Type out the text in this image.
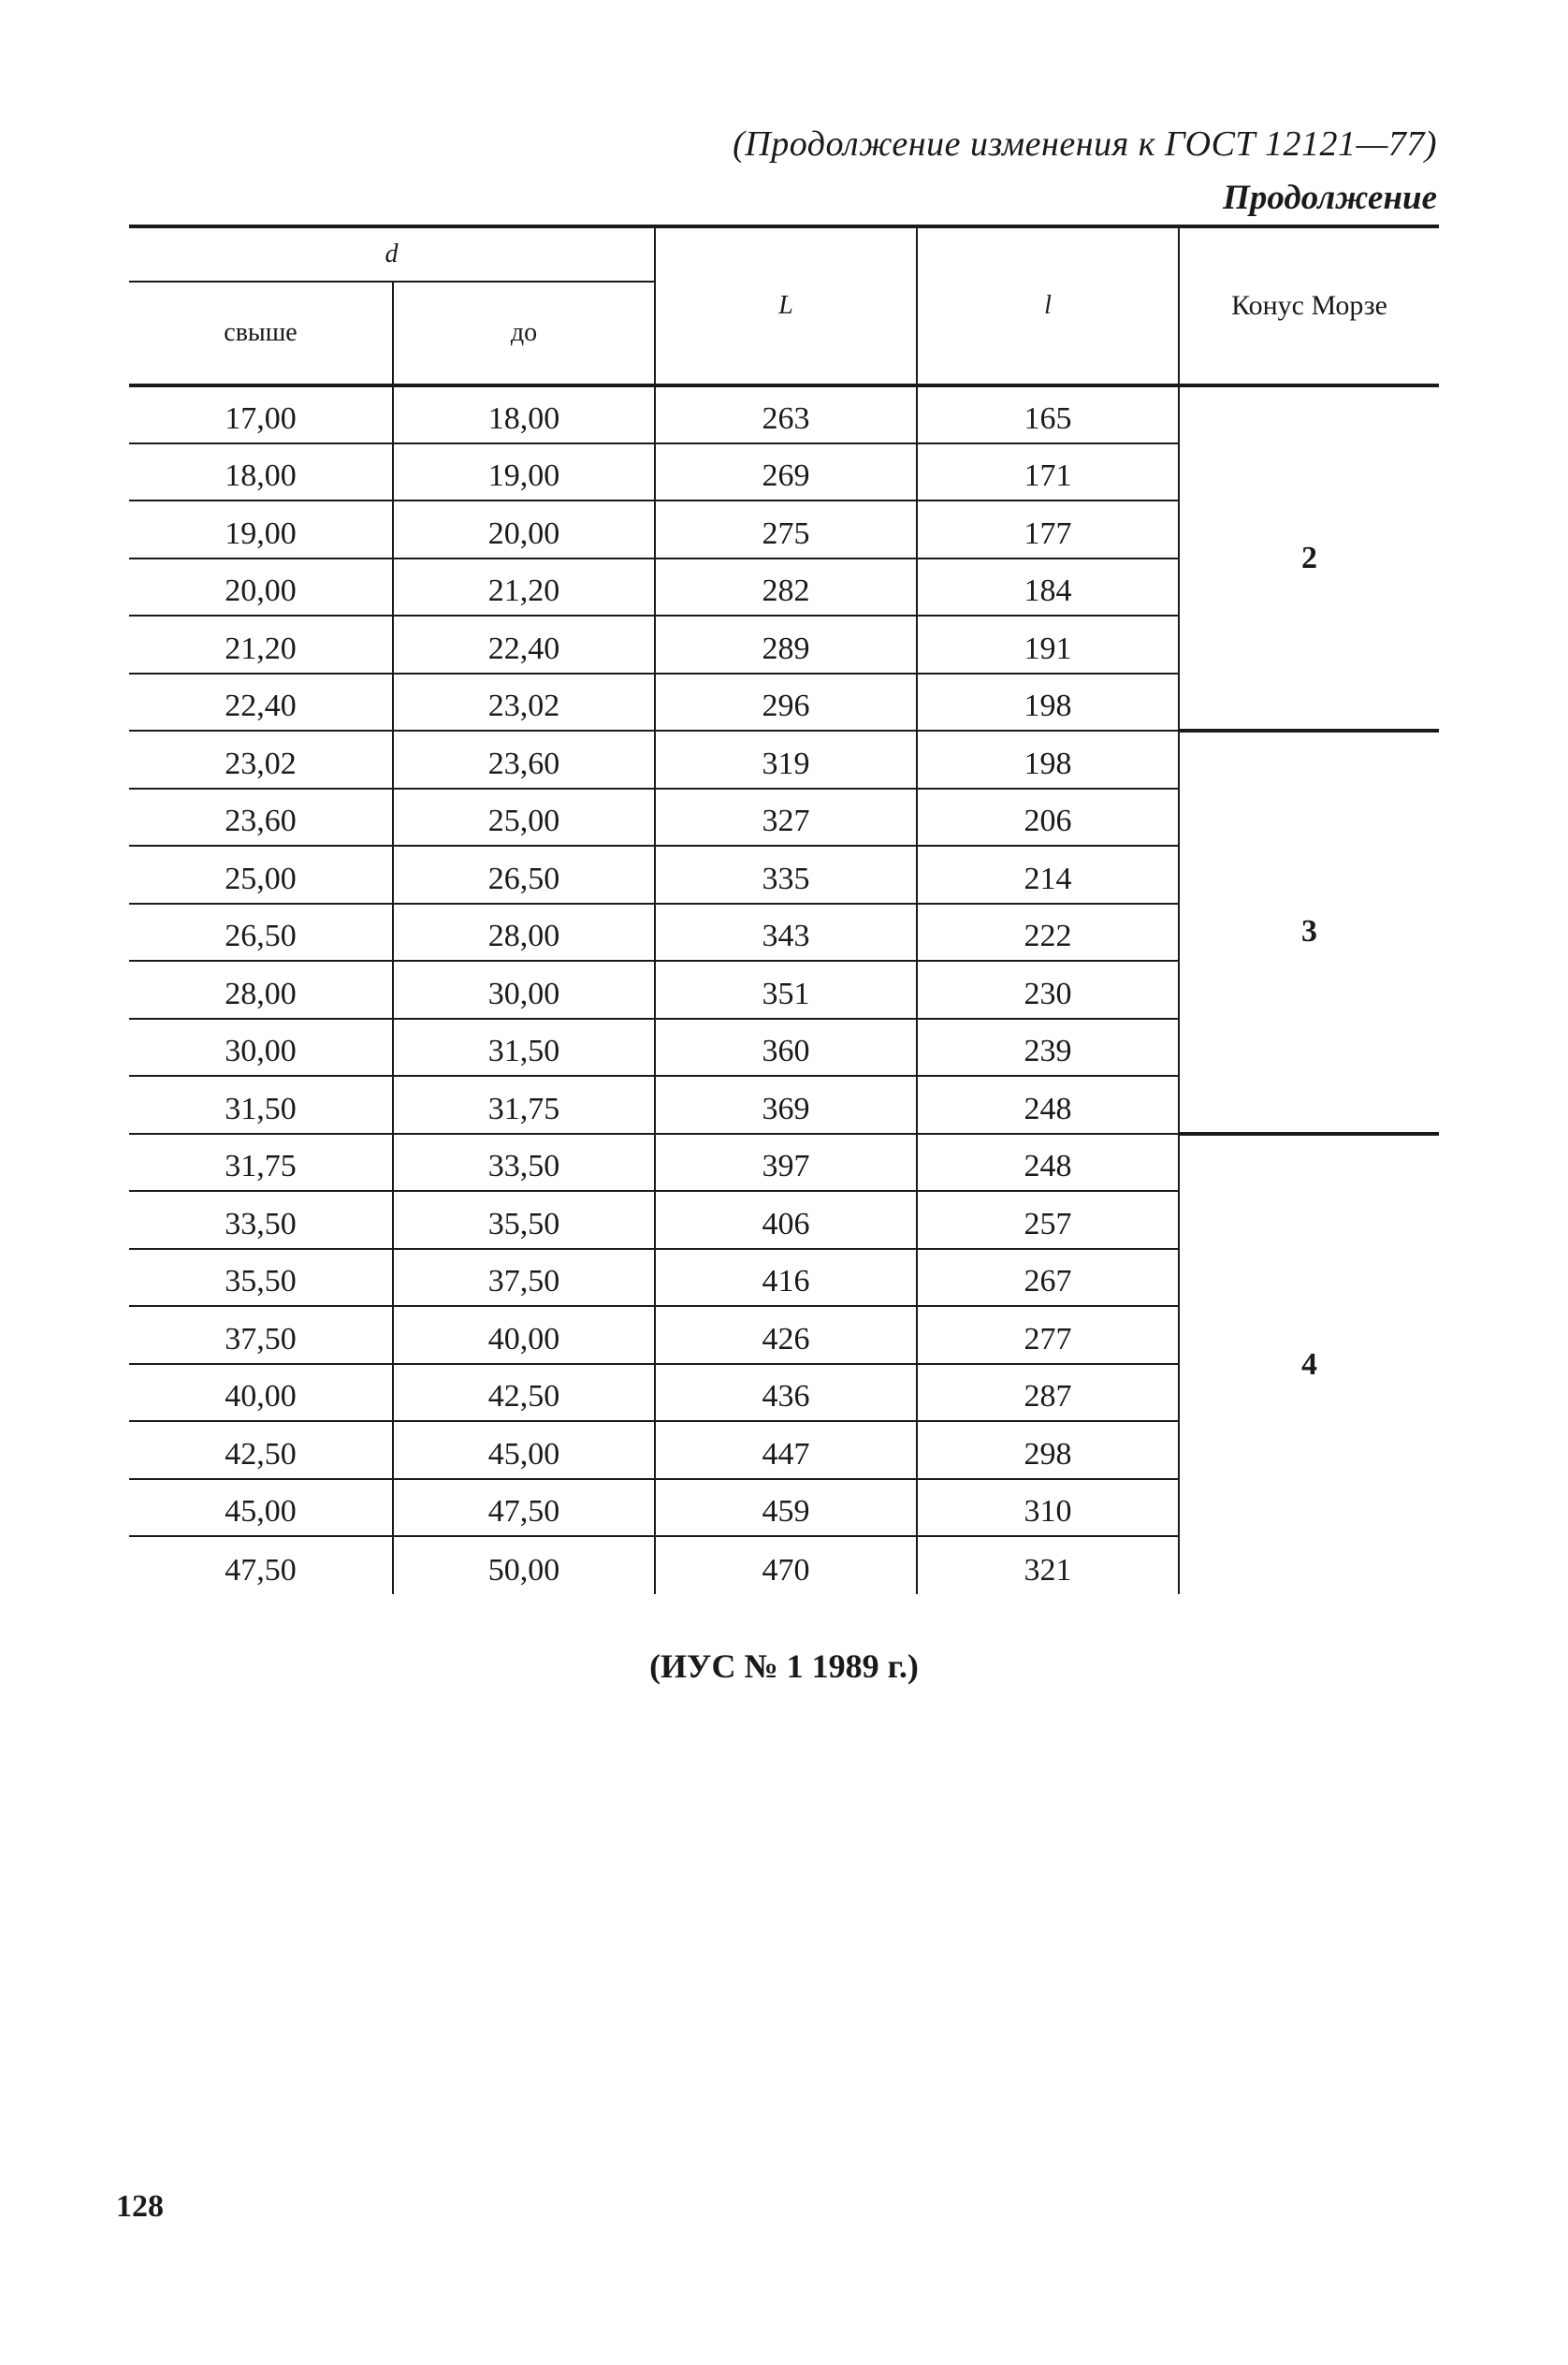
(Продолжение изменения к ГОСТ 12121—77)
Продолжение
d		L	l	Конус Морзе
свыше	до			
17,00	18,00	263	165	2
18,00	19,00	269	171	
19,00	20,00	275	177	
20,00	21,20	282	184	
21,20	22,40	289	191	
22,40	23,02	296	198	
23,02	23,60	319	198	3
23,60	25,00	327	206	
25,00	26,50	335	214	
26,50	28,00	343	222	
28,00	30,00	351	230	
30,00	31,50	360	239	
31,50	31,75	369	248	
31,75	33,50	397	248	4
33,50	35,50	406	257	
35,50	37,50	416	267	
37,50	40,00	426	277	
40,00	42,50	436	287	
42,50	45,00	447	298	
45,00	47,50	459	310	
47,50	50,00	470	321	
(ИУС № 1 1989 г.)
128
